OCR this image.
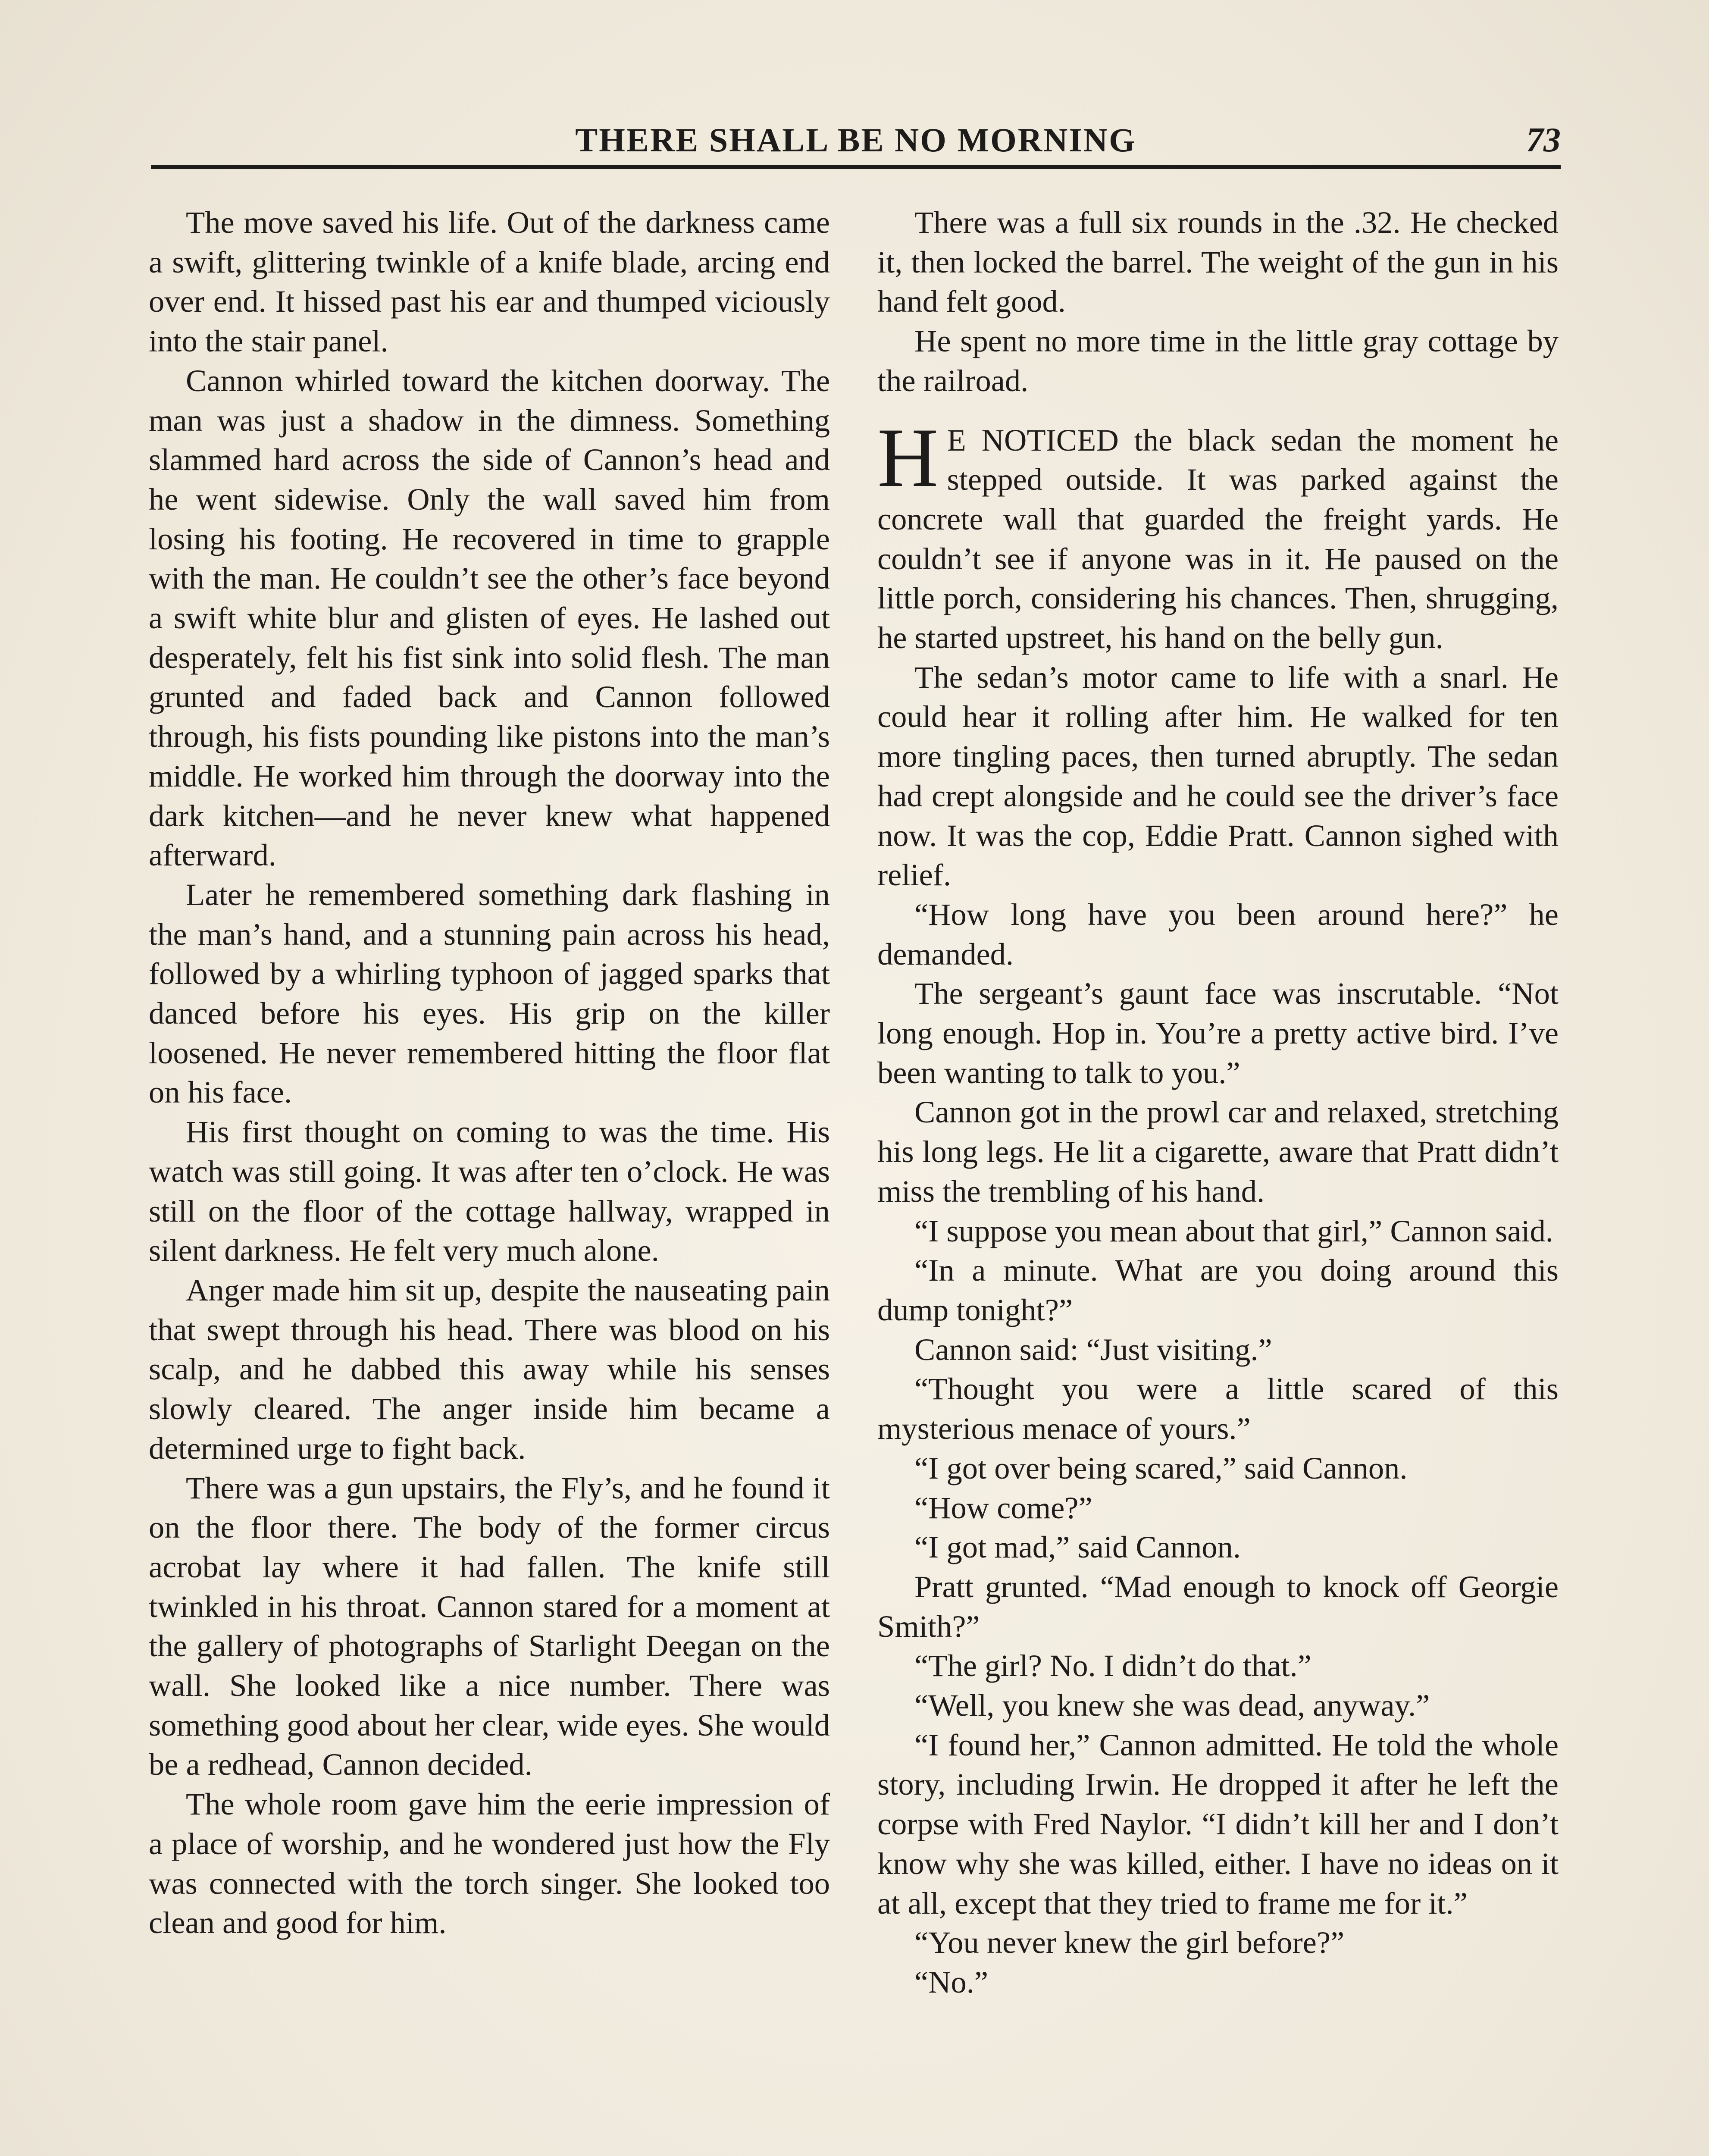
THERE SHALL BE NO MORNING	73

The move saved his life. Out of the darkness came a swift, glittering twinkle of a knife blade, arcing end over end. It hissed past his ear and thumped viciously into the stair panel.

Cannon whirled toward the kitchen doorway. The man was just a shadow in the dimness. Something slammed hard across the side of Cannon’s head and he went sidewise. Only the wall saved him from losing his footing. He recovered in time to grapple with the man. He couldn’t see the other’s face beyond a swift white blur and glisten of eyes. He lashed out desperately, felt his fist sink into solid flesh. The man grunted and faded back and Cannon followed through, his fists pounding like pistons into the man’s middle. He worked him through the doorway into the dark kitchen—and he never knew what happened afterward.

Later he remembered something dark flashing in the man’s hand, and a stunning pain across his head, followed by a whirling typhoon of jagged sparks that danced before his eyes. His grip on the killer loosened. He never remembered hitting the floor flat on his face.

His first thought on coming to was the time. His watch was still going. It was after ten o’clock. He was still on the floor of the cottage hallway, wrapped in silent darkness. He felt very much alone.

Anger made him sit up, despite the nauseating pain that swept through his head. There was blood on his scalp, and he dabbed this away while his senses slowly cleared. The anger inside him became a determined urge to fight back.

There was a gun upstairs, the Fly’s, and he found it on the floor there. The body of the former circus acrobat lay where it had fallen. The knife still twinkled in his throat. Cannon stared for a moment at the gallery of photographs of Starlight Deegan on the wall. She looked like a nice number. There was something good about her clear, wide eyes. She would be a redhead, Cannon decided.

The whole room gave him the eerie impression of a place of worship, and he wondered just how the Fly was connected with the torch singer. She looked too clean and good for him.

There was a full six rounds in the .32. He checked it, then locked the barrel. The weight of the gun in his hand felt good.

He spent no more time in the little gray cottage by the railroad.

H E NOTICED the black sedan the moment he stepped outside. It was parked against the concrete wall that guarded the freight yards. He couldn’t see if anyone was in it. He paused on the little porch, considering his chances. Then, shrugging, he started upstreet, his hand on the belly gun.

The sedan’s motor came to life with a snarl. He could hear it rolling after him. He walked for ten more tingling paces, then turned abruptly. The sedan had crept alongside and he could see the driver’s face now. It was the cop, Eddie Pratt. Cannon sighed with relief.

“How long have you been around here?” he demanded.

The sergeant’s gaunt face was inscrutable. “Not long enough. Hop in. You’re a pretty active bird. I’ve been wanting to talk to you.”

Cannon got in the prowl car and relaxed, stretching his long legs. He lit a cigarette, aware that Pratt didn’t miss the trembling of his hand.

“I suppose you mean about that girl,” Cannon said.

“In a minute. What are you doing around this dump tonight?”

Cannon said: “Just visiting.”

“Thought you were a little scared of this mysterious menace of yours.”

“I got over being scared,” said Cannon.

“How come?”

“I got mad,” said Cannon.

Pratt grunted. “Mad enough to knock off Georgie Smith?”

“The girl? No. I didn’t do that.”

“Well, you knew she was dead, anyway.”

“I found her,” Cannon admitted. He told the whole story, including Irwin. He dropped it after he left the corpse with Fred Naylor. “I didn’t kill her and I don’t know why she was killed, either. I have no ideas on it at all, except that they tried to frame me for it.”

“You never knew the girl before?”

“No.”
